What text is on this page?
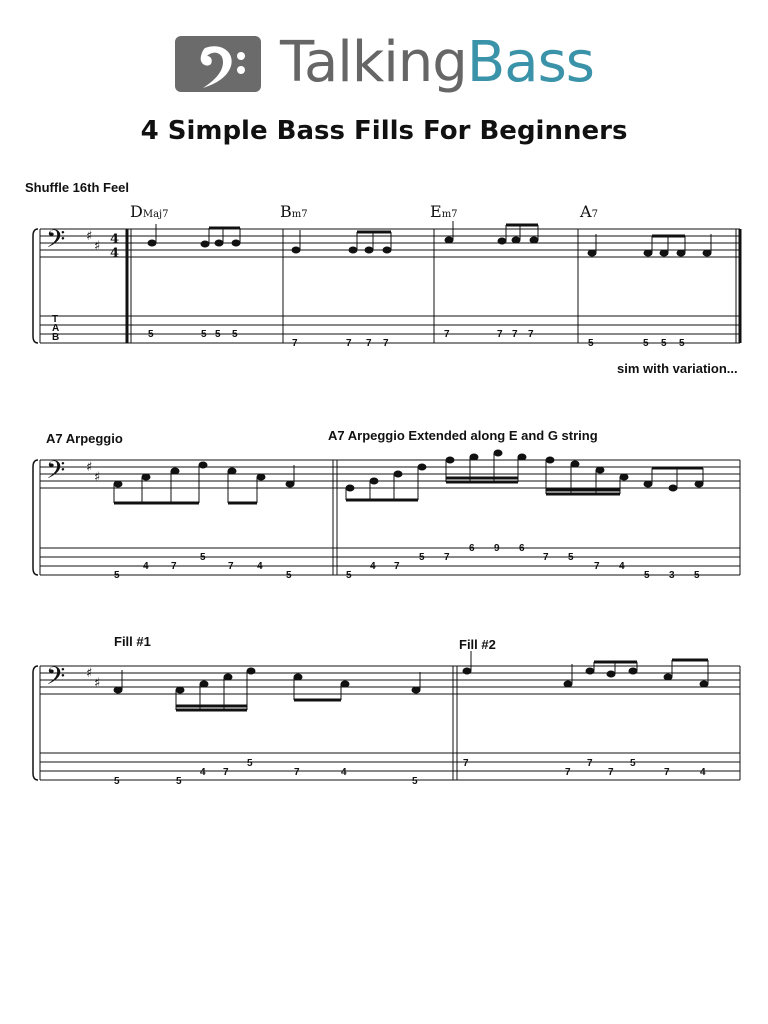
TalkingBass
4 Simple Bass Fills For Beginners
Shuffle 16th Feel
DMaj7	Bm7	Em7	A7
sim with variation...
A7 Arpeggio	A7 Arpeggio Extended along E and G string
Fill #1	Fill #2
𝄢 ♯
♯ 4
4
𝄢 ♯
♯
𝄢 ♯
♯
T
A
B	5	5 5 5
7	7 7 7
7	7 7 7
5	5 5 5
5
4 7
5
7 4
5	5
4 7
5 7
6 9 6
7 5
7 4
5 3 5
5	5
4 7
5
7	4
5
7
7
7
7
5
7	4
